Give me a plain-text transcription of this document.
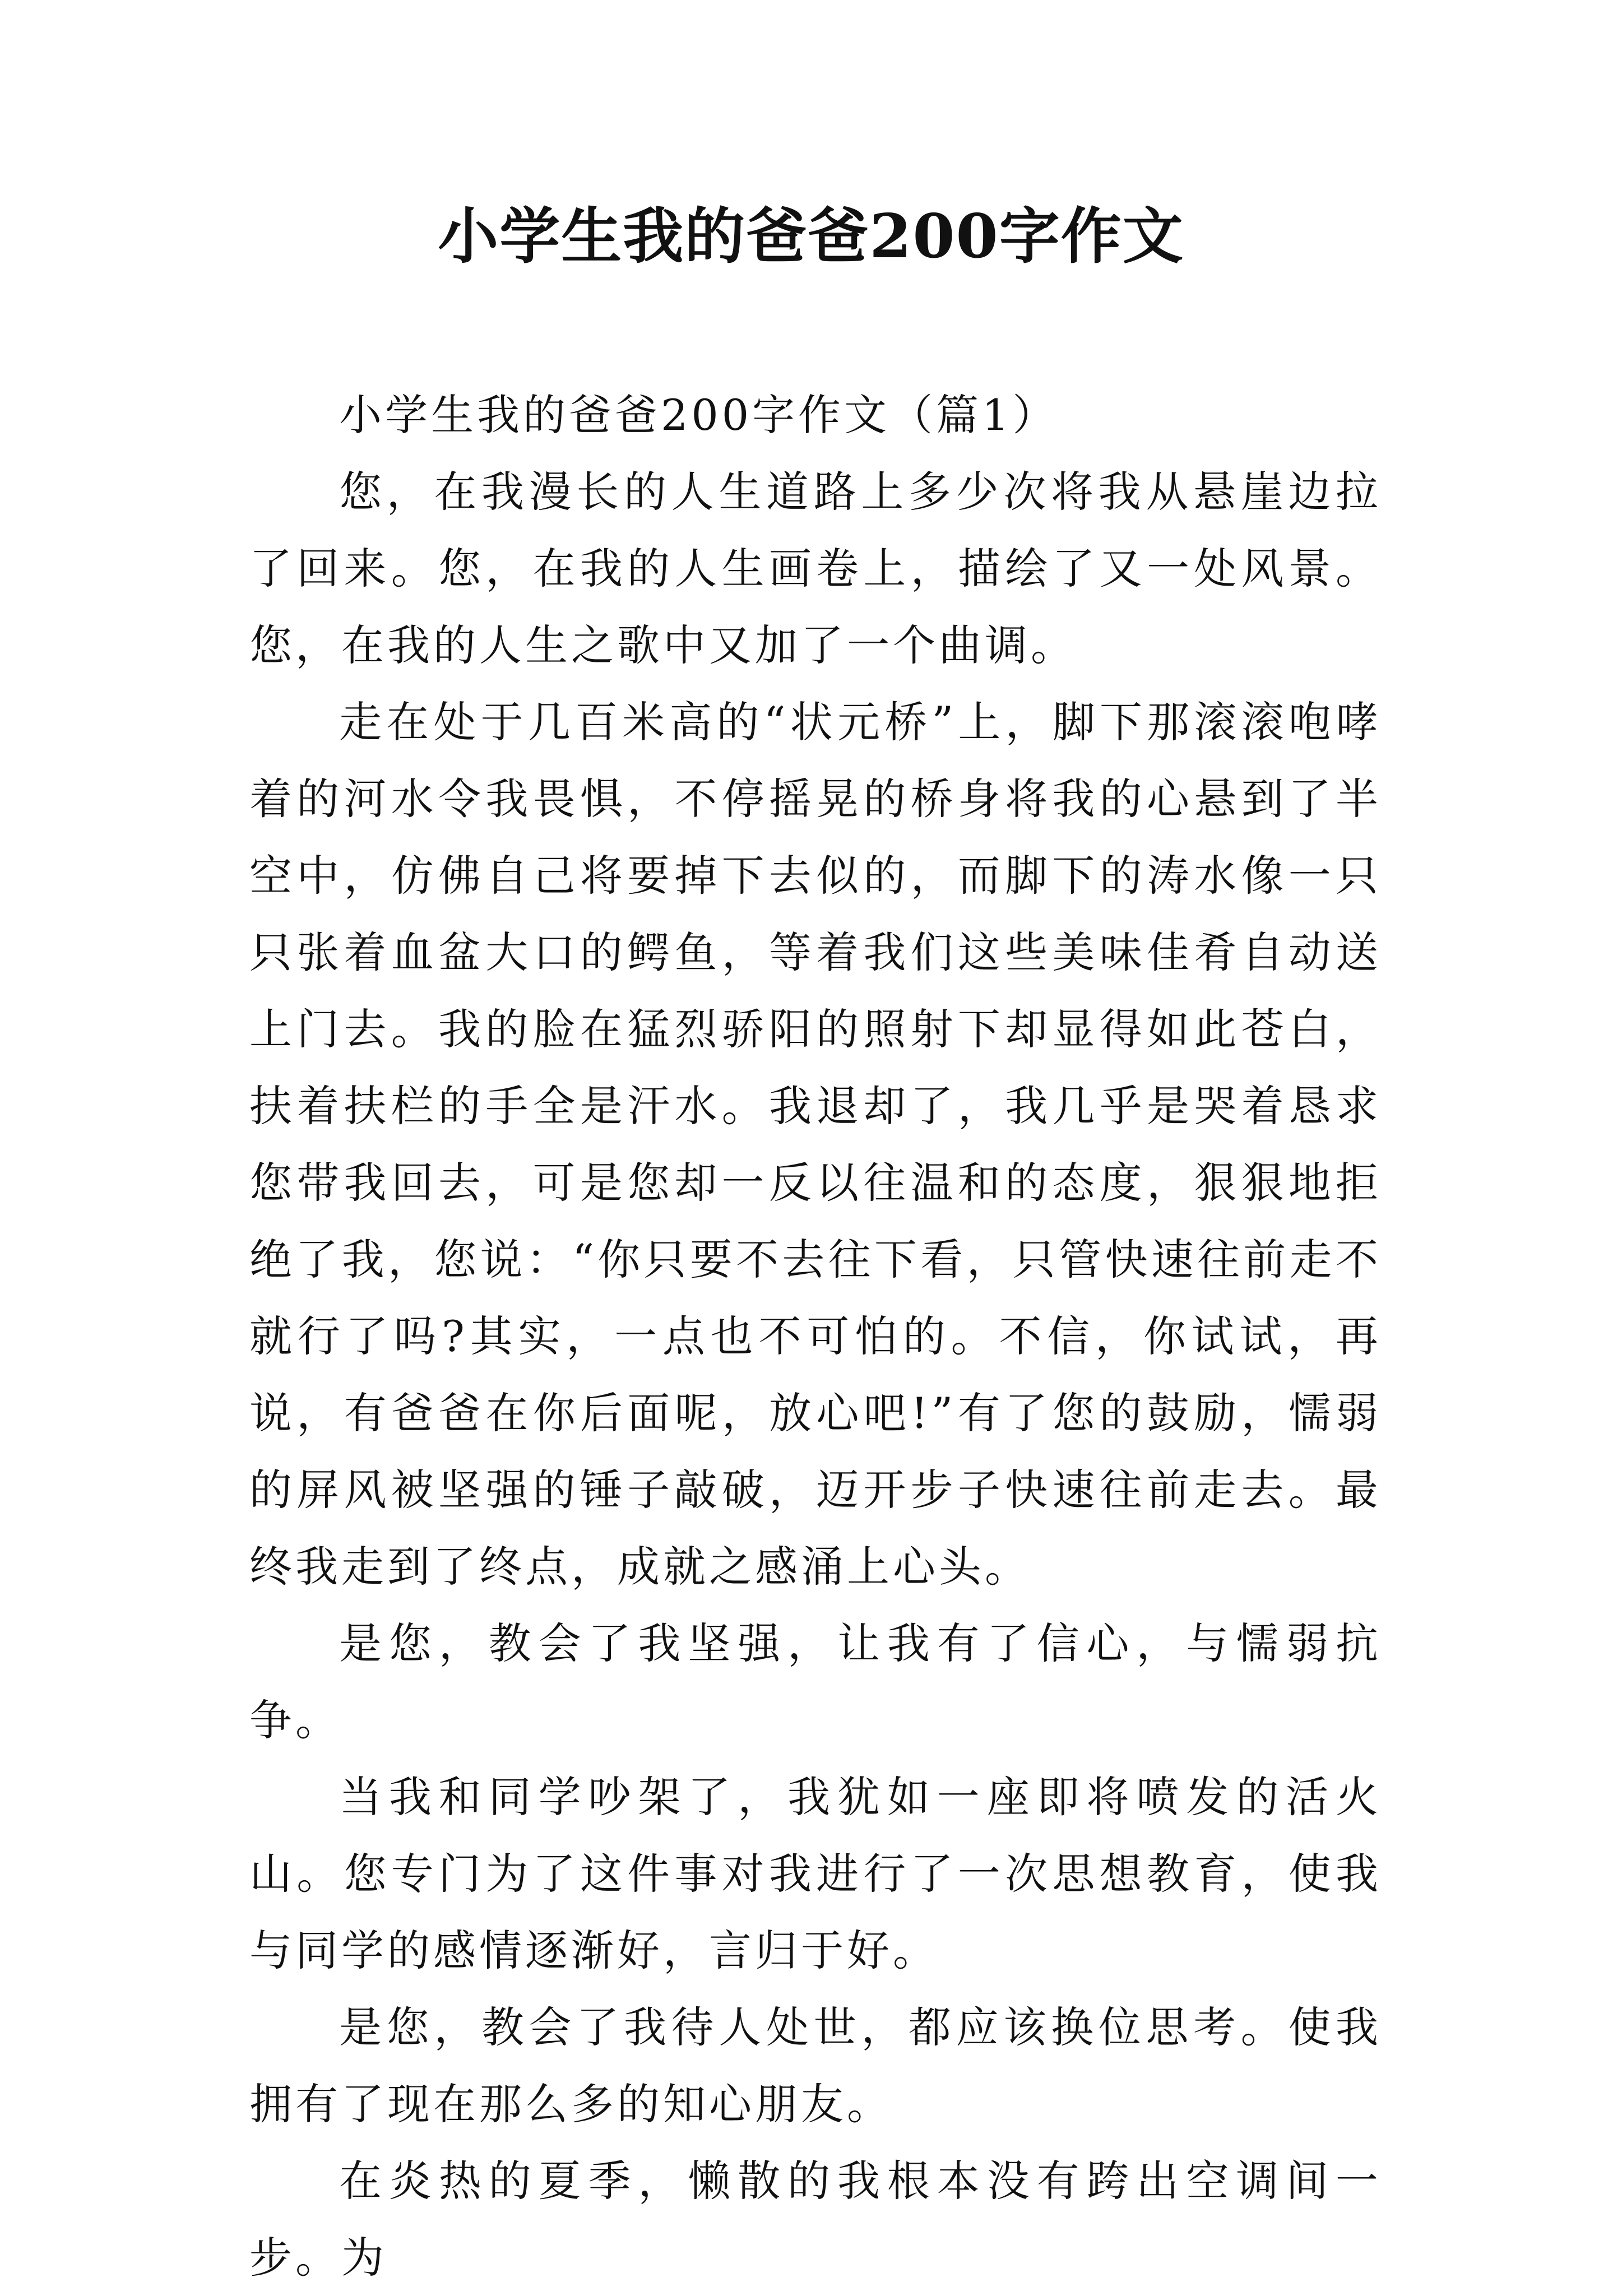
小学生我的爸爸200字作文

小学生我的爸爸200字作文（篇1）

您，在我漫长的人生道路上多少次将我从悬崖边拉了回来。您，在我的人生画卷上，描绘了又一处风景。您，在我的人生之歌中又加了一个曲调。

走在处于几百米高的“状元桥”上，脚下那滚滚咆哮着的河水令我畏惧，不停摇晃的桥身将我的心悬到了半空中，仿佛自己将要掉下去似的，而脚下的涛水像一只只张着血盆大口的鳄鱼，等着我们这些美味佳肴自动送上门去。我的脸在猛烈骄阳的照射下却显得如此苍白，扶着扶栏的手全是汗水。我退却了，我几乎是哭着恳求您带我回去，可是您却一反以往温和的态度，狠狠地拒绝了我，您说：“你只要不去往下看，只管快速往前走不就行了吗?其实，一点也不可怕的。不信，你试试，再说，有爸爸在你后面呢，放心吧!”有了您的鼓励，懦弱的屏风被坚强的锤子敲破，迈开步子快速往前走去。最终我走到了终点，成就之感涌上心头。

是您，教会了我坚强，让我有了信心，与懦弱抗争。

当我和同学吵架了，我犹如一座即将喷发的活火山。您专门为了这件事对我进行了一次思想教育，使我与同学的感情逐渐好，言归于好。

是您，教会了我待人处世，都应该换位思考。使我拥有了现在那么多的知心朋友。

在炎热的夏季，懒散的我根本没有跨出空调间一步。为
